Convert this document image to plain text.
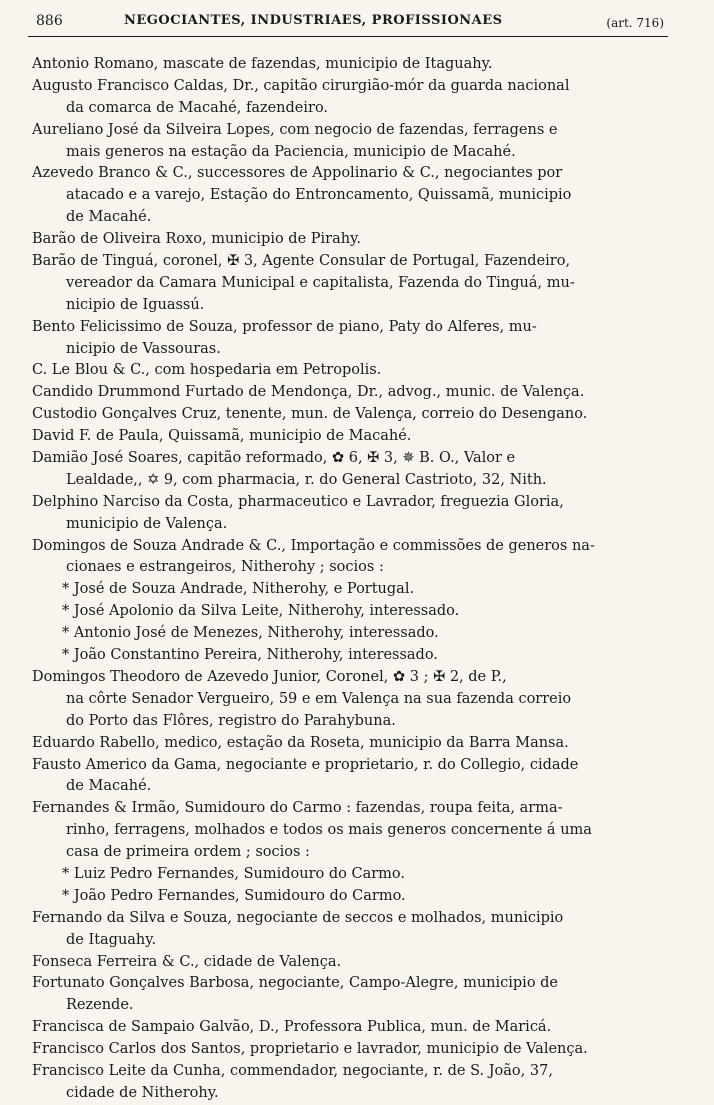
886	NEGOCIANTES, INDUSTRIAES, PROFISSIONAES	(art. 716)
Antonio Romano, mascate de fazendas, municipio de Itaguahy.
Augusto Francisco Caldas, Dr., capitão cirurgião-mór da guarda nacional
da comarca de Macahé, fazendeiro.
Aureliano José da Silveira Lopes, com negocio de fazendas, ferragens e
mais generos na estação da Paciencia, municipio de Macahé.
Azevedo Branco & C., successores de Appolinario & C., negociantes por
atacado e a varejo, Estação do Entroncamento, Quissamã, municipio
de Macahé.
Barão de Oliveira Roxo, municipio de Pirahy.
Barão de Tinguá, coronel, ✠ 3, Agente Consular de Portugal, Fazendeiro,
vereador da Camara Municipal e capitalista, Fazenda do Tinguá, mu-
nicipio de Iguassú.
Bento Felicissimo de Souza, professor de piano, Paty do Alferes, mu-
nicipio de Vassouras.
C. Le Blou & C., com hospedaria em Petropolis.
Candido Drummond Furtado de Mendonça, Dr., advog., munic. de Valença.
Custodio Gonçalves Cruz, tenente, mun. de Valença, correio do Desengano.
David F. de Paula, Quissamã, municipio de Macahé.
Damião José Soares, capitão reformado, ✿ 6, ✠ 3, ✵ B. O., Valor e
Lealdade,, ✡ 9, com pharmacia, r. do General Castrioto, 32, Nith.
Delphino Narciso da Costa, pharmaceutico e Lavrador, freguezia Gloria,
municipio de Valença.
Domingos de Souza Andrade & C., Importação e commissões de generos na-
cionaes e estrangeiros, Nitherohy ; socios :
* José de Souza Andrade, Nitherohy, e Portugal.
* José Apolonio da Silva Leite, Nitherohy, interessado.
* Antonio José de Menezes, Nitherohy, interessado.
* João Constantino Pereira, Nitherohy, interessado.
Domingos Theodoro de Azevedo Junior, Coronel, ✿ 3 ; ✠ 2, de P.,
na côrte Senador Vergueiro, 59 e em Valença na sua fazenda correio
do Porto das Flôres, registro do Parahybuna.
Eduardo Rabello, medico, estação da Roseta, municipio da Barra Mansa.
Fausto Americo da Gama, negociante e proprietario, r. do Collegio, cidade
de Macahé.
Fernandes & Irmão, Sumidouro do Carmo : fazendas, roupa feita, arma-
rinho, ferragens, molhados e todos os mais generos concernente á uma
casa de primeira ordem ; socios :
* Luiz Pedro Fernandes, Sumidouro do Carmo.
* João Pedro Fernandes, Sumidouro do Carmo.
Fernando da Silva e Souza, negociante de seccos e molhados, municipio
de Itaguahy.
Fonseca Ferreira & C., cidade de Valença.
Fortunato Gonçalves Barbosa, negociante, Campo-Alegre, municipio de
Rezende.
Francisca de Sampaio Galvão, D., Professora Publica, mun. de Maricá.
Francisco Carlos dos Santos, proprietario e lavrador, municipio de Valença.
Francisco Leite da Cunha, commendador, negociante, r. de S. João, 37,
cidade de Nitherohy.
